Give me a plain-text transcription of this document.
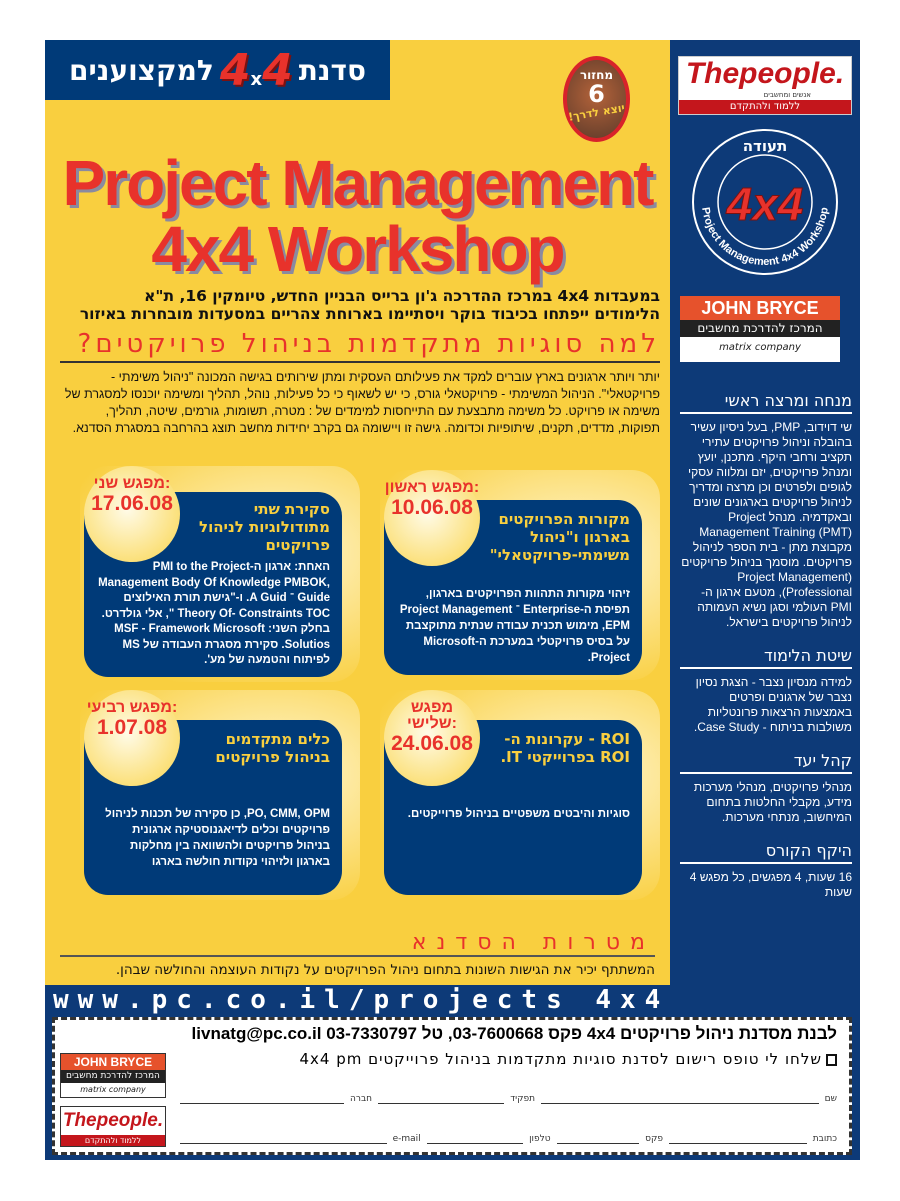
סדנת
4x4
למקצוענים	מחזור
6
יוצא לדרך!
Project Management
4x4 Workshop
במעבדות 4x4 במרכז ההדרכה ג'ון ברייס הבניין החדש, טיומקין 16, ת"א
הלימודים ייפתחו בכיבוד בוקר ויסתיימו בארוחת צהריים במסעדות מובחרות באיזור
למה סוגיות מתקדמות בניהול פרויקטים?
יותר ויותר ארגונים בארץ עוברים למקד את פעילותם העסקית ומתן שירותים בגישה המכונה "ניהול משימתי - פרויקטאלי". הניהול המשימתי - פרויקטאלי גורס, כי יש לשאוף כי כל פעילות, נוהל, תהליך ומשימה יוכנסו למסגרת של משימה או פרויקט. כל משימה מתבצעת עם התייחסות למימדים של : מטרה, תשומות, גורמים, שיטה, תהליך, תפוקות, מדדים, תקנים, שיתופיות וכדומה. גישה זו ויישומה גם בקרב יחידות מחשב תוצג בהרחבה במסגרת הסדנא.
מקורות הפרויקטים בארגון ו"ניהול משימתי-פרויקטאלי"
זיהוי מקורות התהוות הפרויקטים בארגון, תפיסת ה-Enterprise ־ Project Management EPM, מימוש תכנית עבודה שנתית מתוקצבת על בסיס פרויקטלי במערכת ה-Microsoft Project.
מפגש ראשון:
10.06.08
סקירת שתי מתודולוגיות לניהול פרויקטים
האחת: ארגון ה-PMI to the Project Management Body Of Knowledge PMBOK, Guide ־ A Guid. ו-"גישת תורת האילוצים Theory Of- Constraints TOC ", אלי גולדרט. בחלק השני: MSF - Framework Microsoft Solutios. סקירת מסגרת העבודה של MS לפיתוח והטמעה של מע'.
מפגש שני:
17.06.08
ROI - עקרונות ה-ROI בפרוייקטי IT.
סוגיות והיבטים משפטיים בניהול פרוייקטים.
מפגש שלישי:
24.06.08
כלים מתקדמים בניהול פרויקטים
PO, CMM, OPM, כן סקירה של תכנות לניהול פרויקטים וכלים לדיאגנוסטיקה ארגונית בניהול פרויקטים ולהשוואה בין מחלקות בארגון ולזיהוי נקודות חולשה בארגו
מפגש רביעי:
1.07.08
מטרות הסדנא
המשתתף יכיר את הגישות השונות בתחום ניהול הפרויקטים על נקודות העוצמה והחולשה שבהן.
www.pc.co.il/projects 4x4
לבנת מסדנת ניהול פרויקטים 4x4 פקס 03-7600668, טל 03-7330797 livnatg@pc.co.il
שלחו לי טופס רישום לסדנת סוגיות מתקדמות בניהול פרוייקטים 4x4 pm
שם
תפקיד
חברה
כתובת
פקס
טלפון
e-mail
JOHN BRYCE
המרכז להדרכת מחשבים
matrix company
Thepeople.
ללמוד ולהתקדם
Thepeople.
אנשים ומחשבים
ללמוד ולהתקדם
תעודה
4x4
Project Management 4x4 Workshop
JOHN BRYCE
המרכז להדרכת מחשבים
matrix company
מנחה ומרצה ראשי
שי דוידוב, PMP, בעל ניסיון עשיר בהובלה וניהול פרויקטים עתירי תקציב ורחבי היקף. מתכנן, יועץ ומנהל פרויקטים, יזם ומלווה עסקי לגופים ולפרטים וכן מרצה ומדריך לניהול פרויקטים בארגונים שונים ובאקדמיה. מנהל Project Management Training (PMT) מקבוצת מתן - בית הספר לניהול פרויקטים. מוסמך בניהול פרויקטים (Project Management Professional), מטעם ארגון ה-PMI העולמי וסגן נשיא העמותה לניהול פרויקטים בישראל.
שיטת הלימוד
למידה מנסיון נצבר - הצגת נסיון נצבר של ארגונים ופרטים באמצעות הרצאות פרונטליות משולבות בניתוח - Case Study.
קהל יעד
מנהלי פרויקטים, מנהלי מערכות מידע, מקבלי החלטות בתחום המיחשוב, מנתחי מערכות.
היקף הקורס
16 שעות, 4 מפגשים, כל מפגש 4 שעות
